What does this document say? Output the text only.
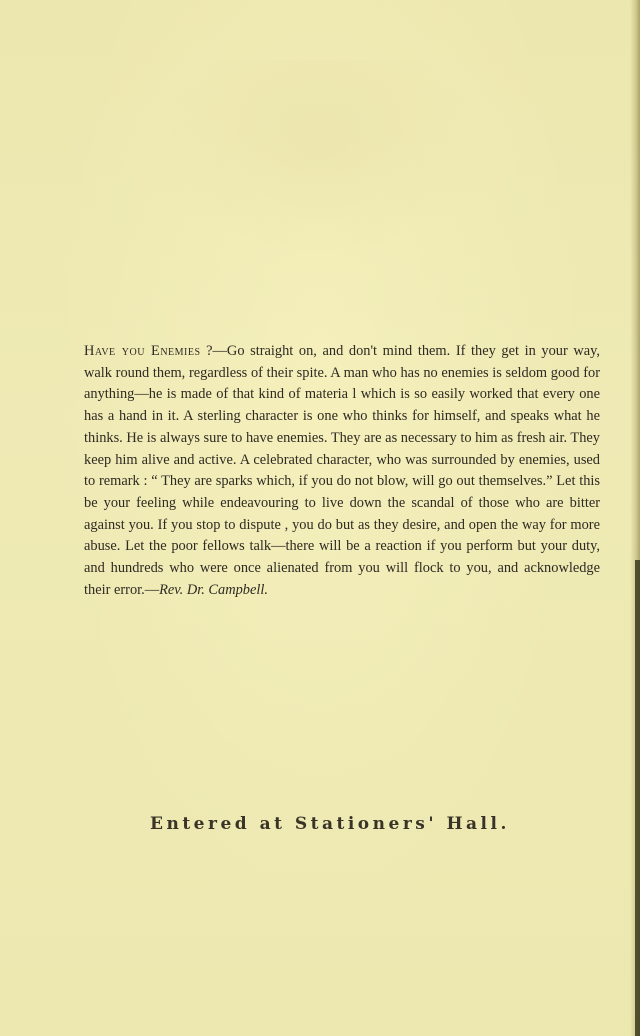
Have you Enemies ?—Go straight on, and don't mind them. If they get in your way, walk round them, regardless of their spite. A man who has no enemies is seldom good for anything—he is made of that kind of materia l which is so easily worked that every one has a hand in it. A sterling character is one who thinks for himself, and speaks what he thinks. He is always sure to have enemies. They are as necessary to him as fresh air. They keep him alive and active. A celebrated character, who was surrounded by enemies, used to remark : “ They are sparks which, if you do not blow, will go out themselves.” Let this be your feeling while endeavouring to live down the scandal of those who are bitter against you. If you stop to dispute , you do but as they desire, and open the way for more abuse. Let the poor fellows talk—there will be a reaction if you perform but your duty, and hundreds who were once alienated from you will flock to you, and acknowledge their error.—Rev. Dr. Campbell.

Entered at Stationers' Hall.
